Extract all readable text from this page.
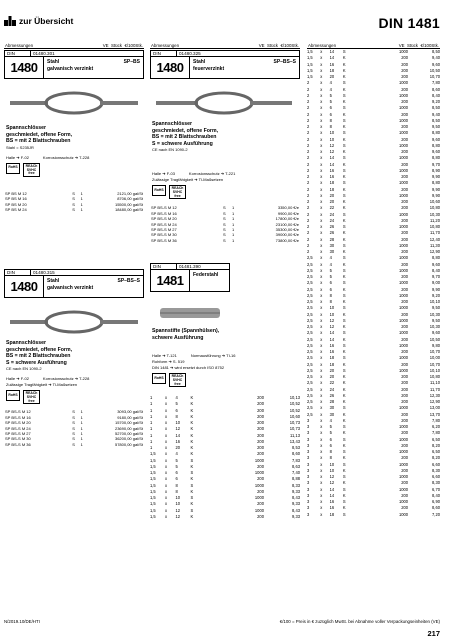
zur Übersicht	DIN 1481
Abmessungen	VE Stück €/100Stk.
DIN	01480.301
1480	Stahl	SP–BS
galvanisch verzinkt
Spannschlösser
geschmiedet, offene Form,
BS = mit 2 Blattschrauben
Stahl = S235JR
Halle ➔ F-02	Korrosionsschutz ➔ T-228
RoHS	REACh
SVHC
free
SP BS M 12	S	1	2121,00 gal/St
SP BS M 16	S	1	8706,00 gal/St
SP BS M 20	S	1	15500,00 gal/St
SP BS M 24	S	1	18480,00 gal/St
DIN	01480.315
1480	Stahl	SP–BS–S
galvanisch verzinkt
Spannschlösser
geschmiedet, offene Form,
BS = mit 2 Blattschrauben
S = schwere Ausführung
CE nach EN 1090-2
Halle ➔ F-02	Korrosionsschutz ➔ T-228
Zulässige Tragfähigkeit ➔ Tl-Maßsetzen
RoHS	REACh
SVHC
free
SP BS-S M 12	S	1	3093,00 gal/St
SP BS-S M 16	S	1	9180,00 gal/St
SP BS-S M 20	S	1	15700,00 gal/St
SP BS-S M 24	S	1	23690,00 gal/St
SP BS-S M 27	S	1	52700,00 gal/St
SP BS-S M 30	S	1	36200,00 gal/St
SP BS-S M 36	S	1	57800,00 gal/St
Abmessungen	VE Stück €/100Stk.
DIN	01480.325
1480	Stahl	SP–BS–S
feuerverzinkt
Spannschlösser
geschmiedet, offene Form,
BS = mit 2 Blattschrauben
S = schwere Ausführung
CE nach EN 1090-2
Halle ➔ F-03	Korrosionsschutz ➔ T-221
Zulässige Tragfähigkeit ➔ Tl-Maßsetzen
RoHS	REACh
SVHC
free
SP BS-S M 12	S	1	3350,00 €/e
SP BS-S M 16	S	1	9900,00 €/e
SP BS-S M 20	S	1	17800,00 €/e
SP BS-S M 24	S	1	23100,00 €/e
SP BS-S M 27	S	1	35300,00 €/e
SP BS-S M 30	S	1	39000,00 €/e
SP BS-S M 36	S	1	73800,00 €/e
DIN	01481.390
1481	Federstahl
Spannstifte (Spannhülsen),
schwere Ausführung
Halle ➔ T-121	Normausführung ➔ TI-16
Rohform ➔ S. 519
DIN 1481 ➔ wird ersetzt durch ISO 8752
RoHS	REACh
SVHC
free
1	x	4	K	200	10,13
1	x	5	K	200	10,52
1	x	6	K	200	10,52
1	x	8	K	200	10,60
1	x	10	K	200	10,73
1	x	12	K	200	10,73
1	x	14	K	200	11,13
1	x	16	K	200	13,43
1	x	20	K	200	8,53
1,5	x	4	K	200	8,60
1,5	x	5	S	1000	7,83
1,5	x	5	K	200	8,63
1,5	x	6	S	1000	7,40
1,5	x	6	K	200	8,88
1,5	x	8	S	1000	8,33
1,5	x	8	K	200	9,33
1,5	x	10	S	1000	8,43
1,5	x	10	K	200	9,33
1,5	x	12	S	1000	8,43
1,5	x	12	K	200	9,33
Abmessungen	VE Stück €/100Stk.
1,5	x	14	S	1000	8,50
1,5	x	14	K	200	9,40
1,5	x	16	K	200	9,60
1,5	x	18	K	200	10,50
1,5	x	20	K	200	10,70
2	x	4	S	1000	7,80
2	x	4	K	200	8,60
2	x	5	S	1000	8,40
2	x	5	K	200	9,20
2	x	6	S	1000	8,50
2	x	6	K	200	9,40
2	x	8	S	1000	8,50
2	x	8	K	200	9,50
2	x	10	S	1000	8,80
2	x	10	K	200	9,60
2	x	12	S	1000	8,80
2	x	12	K	200	9,60
2	x	14	S	1000	8,80
2	x	14	K	200	9,70
2	x	16	S	1000	8,90
2	x	16	K	200	9,90
2	x	18	S	1000	8,80
2	x	18	K	200	9,90
2	x	20	S	1000	9,90
2	x	20	K	200	10,60
2	x	22	K	200	10,80
2	x	24	S	1000	10,30
2	x	24	K	200	11,20
2	x	26	S	1000	10,80
2	x	26	K	200	11,70
2	x	28	K	200	12,40
2	x	30	S	1000	11,30
2	x	30	K	200	12,90
2,5	x	4	S	1000	8,80
2,5	x	4	K	200	9,60
2,5	x	5	S	1000	8,40
2,5	x	5	K	200	9,70
2,5	x	6	S	1000	9,00
2,5	x	6	K	200	9,90
2,5	x	8	S	1000	9,20
2,5	x	8	K	200	10,10
2,5	x	10	S	1000	9,50
2,5	x	10	K	200	10,30
2,5	x	12	S	1000	9,50
2,5	x	12	K	200	10,30
2,5	x	14	S	1000	9,60
2,5	x	14	K	200	10,50
2,5	x	16	S	1000	9,80
2,5	x	16	K	200	10,70
2,5	x	18	S	1000	10,00
2,5	x	18	K	200	10,70
2,5	x	20	S	1000	10,10
2,5	x	20	K	200	10,80
2,5	x	22	K	200	11,10
2,5	x	24	K	200	11,70
2,5	x	26	K	200	12,30
2,5	x	28	K	200	12,90
2,5	x	30	S	1000	13,00
2,5	x	30	K	200	13,70
3	x	4	K	200	7,80
3	x	5	S	1000	6,20
3	x	5	K	200	7,80
3	x	6	S	1000	6,50
3	x	6	K	200	8,20
3	x	8	S	1000	6,50
3	x	8	K	200	8,20
3	x	10	S	1000	6,60
3	x	10	K	200	8,30
3	x	12	S	1000	6,60
3	x	12	K	200	8,30
3	x	14	S	1000	6,70
3	x	14	K	200	8,40
3	x	16	S	1000	6,90
3	x	16	K	200	8,60
3	x	18	S	1000	7,20
N/2019.10/DE/HTI	€/100 = Preis in € zuzüglich MwSt. bei Abnahme voller Verpackungseinheiten (VE)
217
